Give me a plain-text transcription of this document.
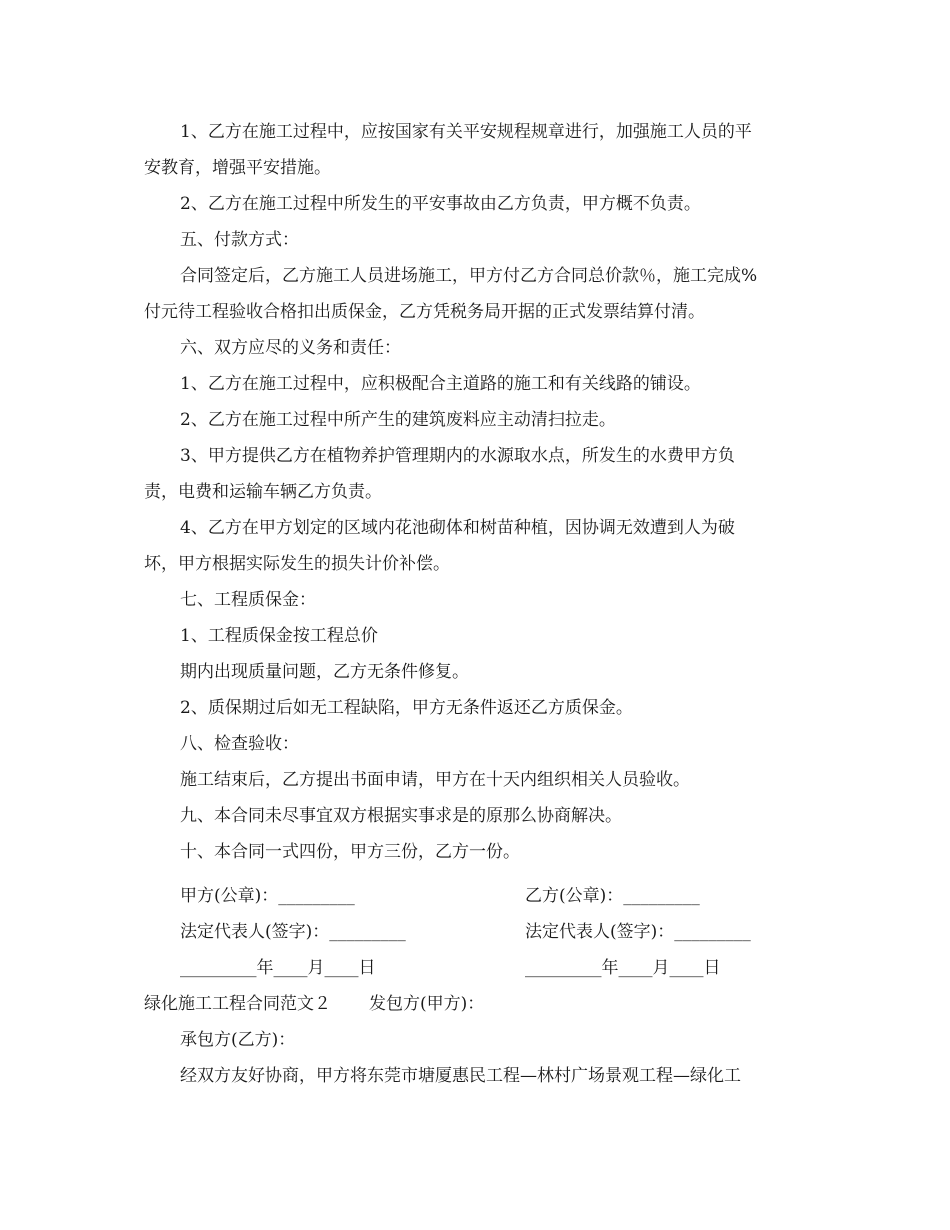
1、乙方在施工过程中，应按国家有关平安规程规章进行，加强施工人员的平
安教育，增强平安措施。
2、乙方在施工过程中所发生的平安事故由乙方负责，甲方概不负责。
五、付款方式：
合同签定后，乙方施工人员进场施工，甲方付乙方合同总价款％，施工完成%
付元待工程验收合格扣出质保金，乙方凭税务局开据的正式发票结算付清。
六、双方应尽的义务和责任：
1、乙方在施工过程中，应积极配合主道路的施工和有关线路的铺设。
2、乙方在施工过程中所产生的建筑废料应主动清扫拉走。
3、甲方提供乙方在植物养护管理期内的水源取水点，所发生的水费甲方负
责，电费和运输车辆乙方负责。
4、乙方在甲方划定的区域内花池砌体和树苗种植，因协调无效遭到人为破
坏，甲方根据实际发生的损失计价补偿。
七、工程质保金：
1、工程质保金按工程总价
期内出现质量问题，乙方无条件修复。
2、质保期过后如无工程缺陷，甲方无条件返还乙方质保金。
八、检查验收：
施工结束后，乙方提出书面申请，甲方在十天内组织相关人员验收。
九、本合同未尽事宜双方根据实事求是的原那么协商解决。
十、本合同一式四份，甲方三份，乙方一份。
甲方(公章)：_________	乙方(公章)：_________
法定代表人(签字)：_________	法定代表人(签字)：_________
_________年____月____日	_________年____月____日
绿化施工工程合同范文２ 发包方(甲方)：
承包方(乙方)：
经双方友好协商，甲方将东莞市塘厦惠民工程—林村广场景观工程—绿化工
